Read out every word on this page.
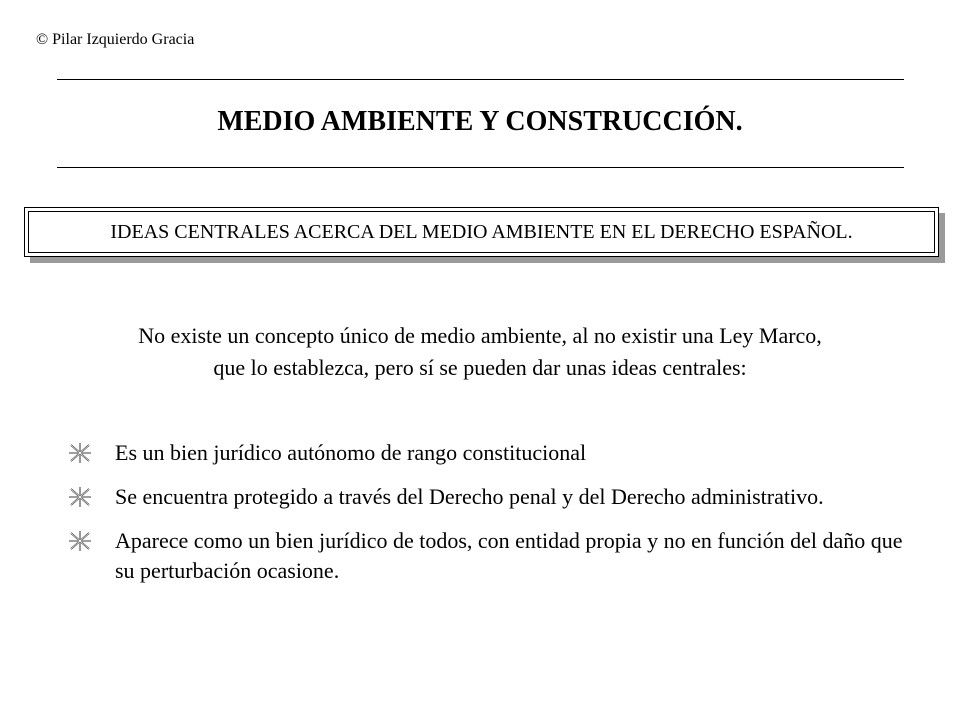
© Pilar Izquierdo Gracia
MEDIO AMBIENTE Y CONSTRUCCIÓN.
IDEAS CENTRALES ACERCA DEL MEDIO AMBIENTE EN EL DERECHO ESPAÑOL.
No existe un concepto único de medio ambiente, al no existir una Ley Marco,
que lo establezca, pero sí se pueden dar unas ideas centrales:
Es un bien jurídico autónomo de rango constitucional
Se encuentra protegido a través del Derecho penal y del Derecho administrativo.
Aparece como un bien jurídico de todos, con entidad propia y no en función del daño que su perturbación ocasione.
